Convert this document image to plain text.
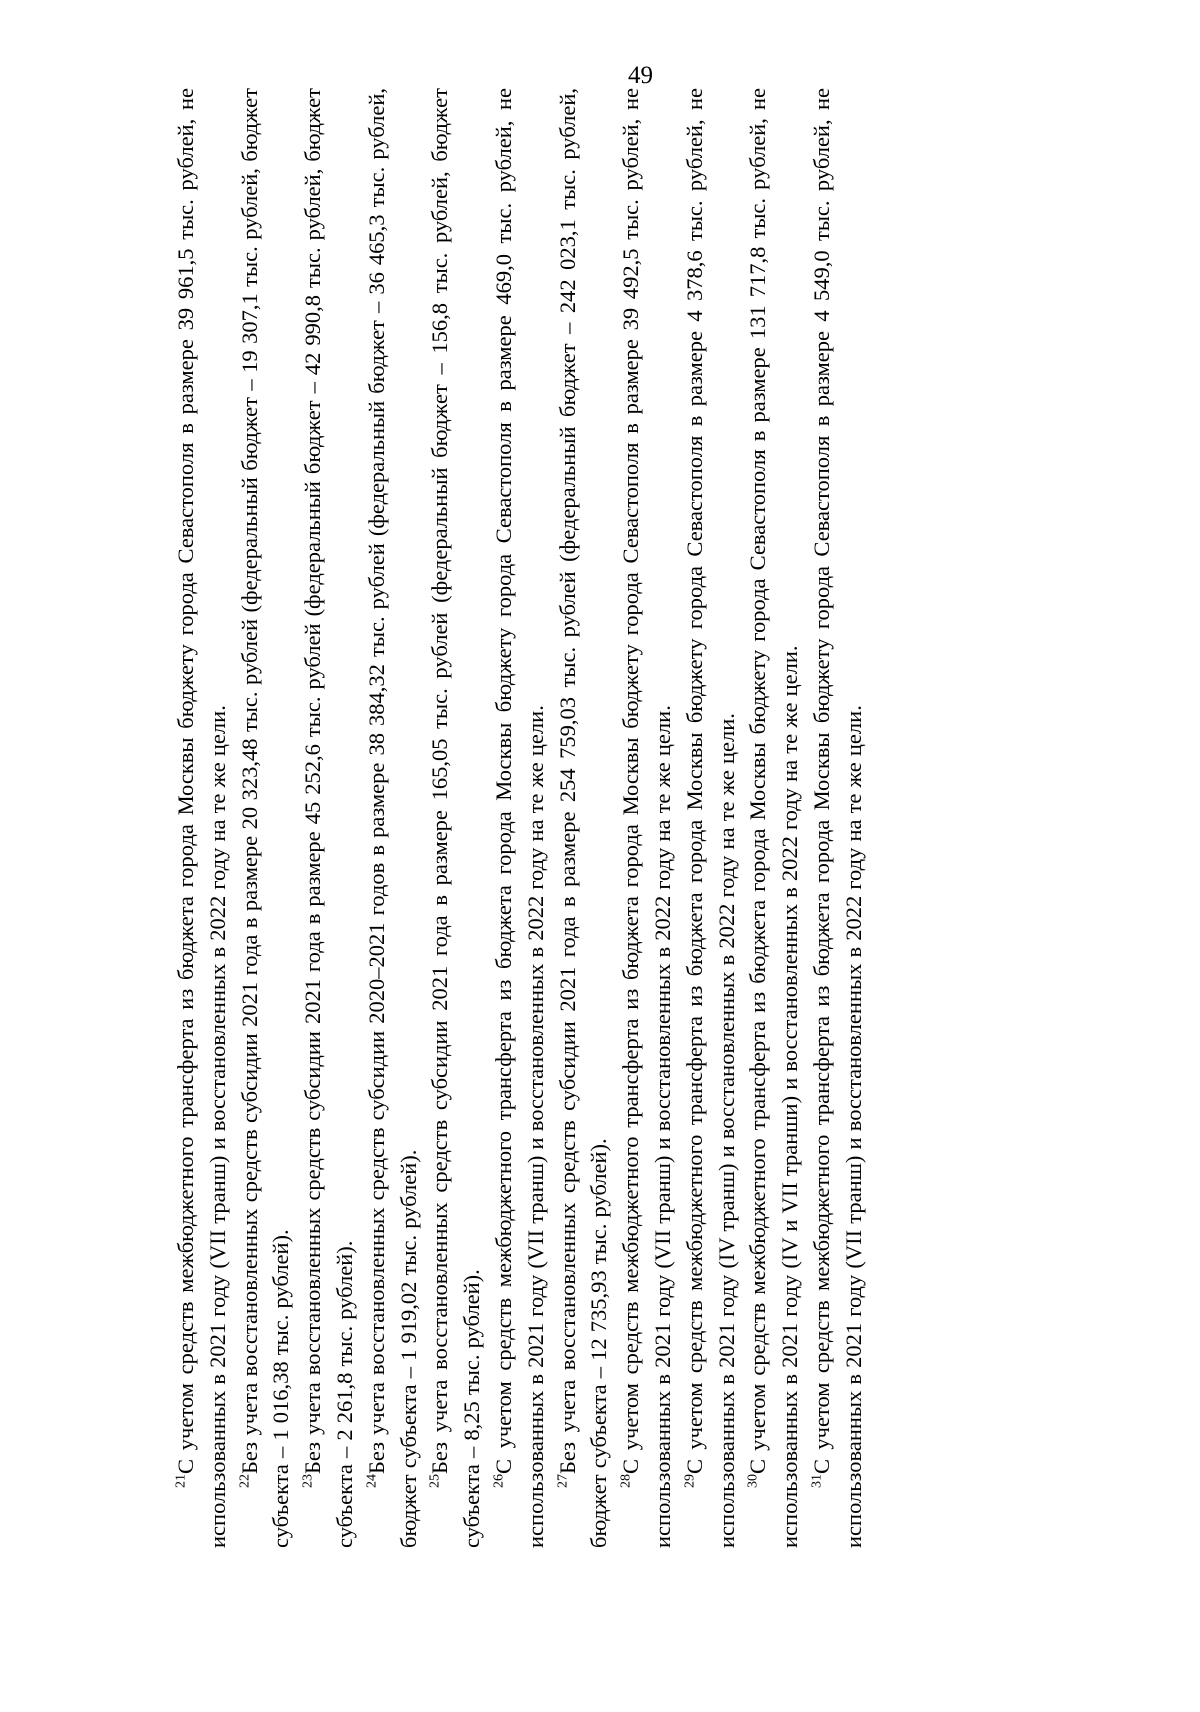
49

$^{21}$С учетом средств межбюджетного трансферта из бюджета города Москвы бюджету города Севастополя в размере 39 961,5 тыс. рублей, не использованных в 2021 году (VII транш) и восстановленных в 2022 году на те же цели. $^{22}$Без учета восстановленных средств субсидии 2021 года в размере 20 323,48 тыс. рублей (федеральный бюджет – 19 307,1 тыс. рублей, бюджет субъекта – 1 016,38 тыс. рублей). $^{23}$Без учета восстановленных средств субсидии 2021 года в размере 45 252,6 тыс. рублей (федеральный бюджет – 42 990,8 тыс. рублей, бюджет субъекта – 2 261,8 тыс. рублей). $^{24}$Без учета восстановленных средств субсидии 2020–2021 годов в размере 38 384,32 тыс. рублей (федеральный бюджет – 36 465,3 тыс. рублей, бюджет субъекта – 1 919,02 тыс. рублей). $^{25}$Без учета восстановленных средств субсидии 2021 года в размере 165,05 тыс. рублей (федеральный бюджет – 156,8 тыс. рублей, бюджет субъекта – 8,25 тыс. рублей). $^{26}$С учетом средств межбюджетного трансферта из бюджета города Москвы бюджету города Севастополя в размере 469,0 тыс. рублей, не использованных в 2021 году (VII транш) и восстановленных в 2022 году на те же цели. $^{27}$Без учета восстановленных средств субсидии 2021 года в размере 254 759,03 тыс. рублей (федеральный бюджет – 242 023,1 тыс. рублей, бюджет субъекта – 12 735,93 тыс. рублей). $^{28}$С учетом средств межбюджетного трансферта из бюджета города Москвы бюджету города Севастополя в размере 39 492,5 тыс. рублей, не использованных в 2021 году (VII транш) и восстановленных в 2022 году на те же цели. $^{29}$С учетом средств межбюджетного трансферта из бюджета города Москвы бюджету города Севастополя в размере 4 378,6 тыс. рублей, не использованных в 2021 году (IV транш) и восстановленных в 2022 году на те же цели. $^{30}$С учетом средств межбюджетного трансферта из бюджета города Москвы бюджету города Севастополя в размере 131 717,8 тыс. рублей, не использованных в 2021 году (IV и VII транши) и восстановленных в 2022 году на те же цели. $^{31}$С учетом средств межбюджетного трансферта из бюджета города Москвы бюджету города Севастополя в размере 4 549,0 тыс. рублей, не использованных в 2021 году (VII транш) и восстановленных в 2022 году на те же цели.
